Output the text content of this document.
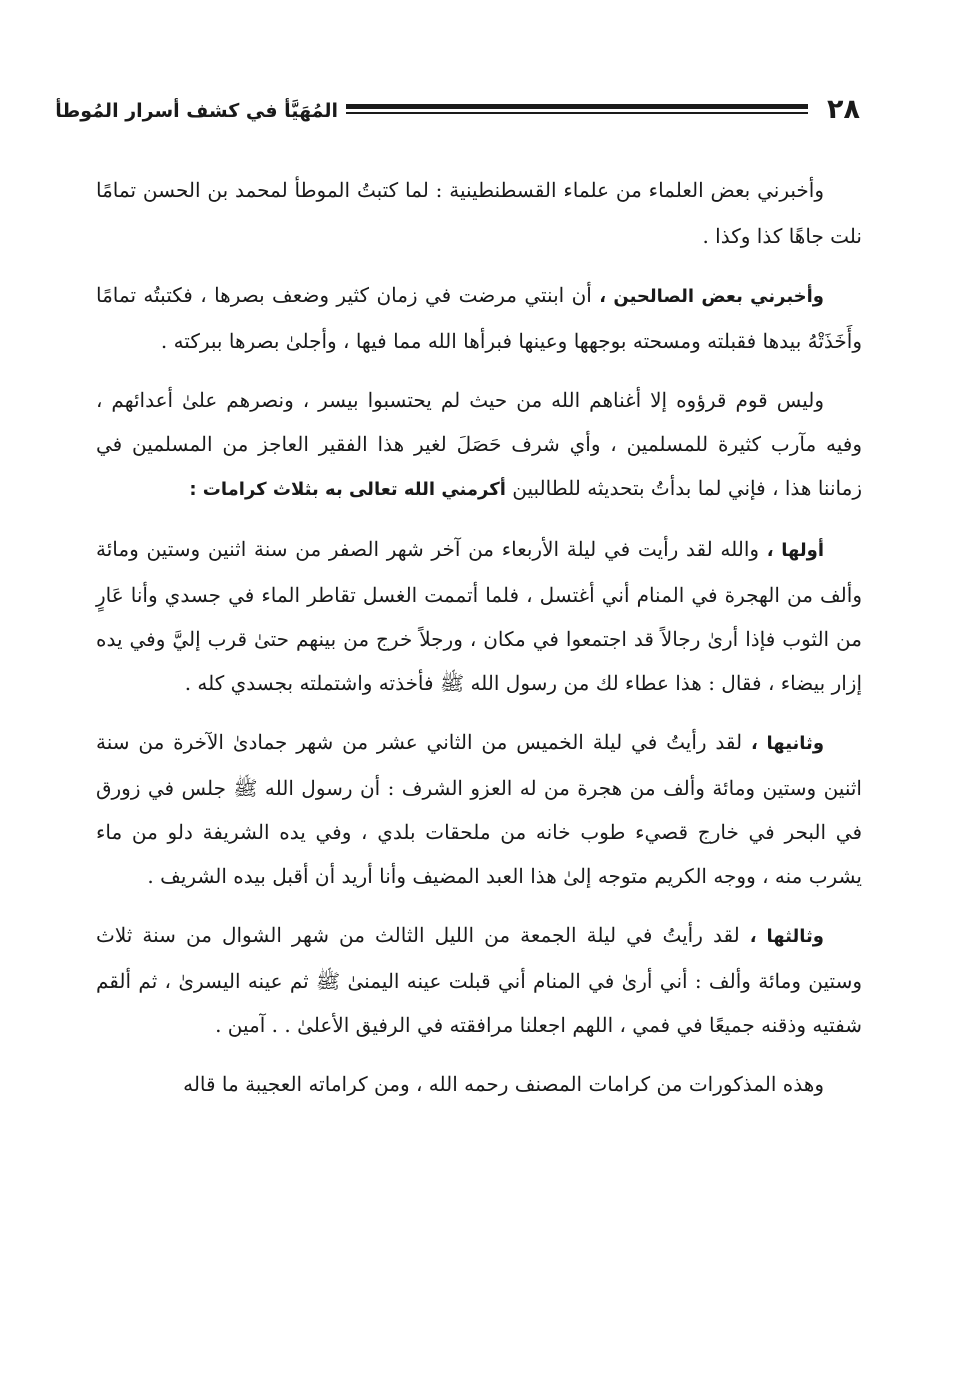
٢٨
المُهَيَّأ في كشف أسرار المُوطأ

وأخبرني بعض العلماء من علماء القسطنطينية : لما كتبتُ الموطأ لمحمد بن الحسن تمامًا نلت جاهًا كذا وكذا .

وأخبرني بعض الصالحين ، أن ابنتي مرضت في زمان كثير وضعف بصرها ، فكتبتُه تمامًا وأَخَذَتْهُ بيدها فقبلته ومسحته بوجهها وعينها فبرأها الله مما فيها ، وأجلىٰ بصرها ببركته .

وليس قوم قرؤوه إلا أغناهم الله من حيث لم يحتسبوا بيسر ، ونصرهم علىٰ أعدائهم ، وفيه مآرب كثيرة للمسلمين ، وأي شرف حَصَلَ لغير هذا الفقير العاجز من المسلمين في زماننا هذا ، فإني لما بدأتُ بتحديثه للطالبين أكرمني الله تعالى به بثلاث كرامات :

أولها ، والله لقد رأيت في ليلة الأربعاء من آخر شهر الصفر من سنة اثنين وستين ومائة وألف من الهجرة في المنام أني أغتسل ، فلما أتممت الغسل تقاطر الماء في جسدي وأنا عَارٍ من الثوب فإذا أرىٰ رجالاً قد اجتمعوا في مكان ، ورجلاً خرج من بينهم حتىٰ قرب إليَّ وفي يده إزار بيضاء ، فقال : هذا عطاء لك من رسول الله ﷺ فأخذته واشتملته بجسدي كله .

وثانيها ، لقد رأيتُ في ليلة الخميس من الثاني عشر من شهر جمادىٰ الآخرة من سنة اثنين وستين ومائة وألف من هجرة من له العزو الشرف : أن رسول الله ﷺ جلس في زورق في البحر في خارج قصيء طوب خانه من ملحقات بلدي ، وفي يده الشريفة دلو من ماء يشرب منه ، ووجه الكريم متوجه إلىٰ هذا العبد المضيف وأنا أريد أن أقبل بيده الشريف .

وثالثها ، لقد رأيتُ في ليلة الجمعة من الليل الثالث من شهر الشوال من سنة ثلاث وستين ومائة وألف : أني أرىٰ في المنام أني قبلت عينه اليمنىٰ ﷺ ثم عينه اليسرىٰ ، ثم ألقم شفتيه وذقنه جميعًا في فمي ، اللهم اجعلنا مرافقته في الرفيق الأعلىٰ . . آمين .

وهذه المذكورات من كرامات المصنف رحمه الله ، ومن كراماته العجيبة ما قاله
